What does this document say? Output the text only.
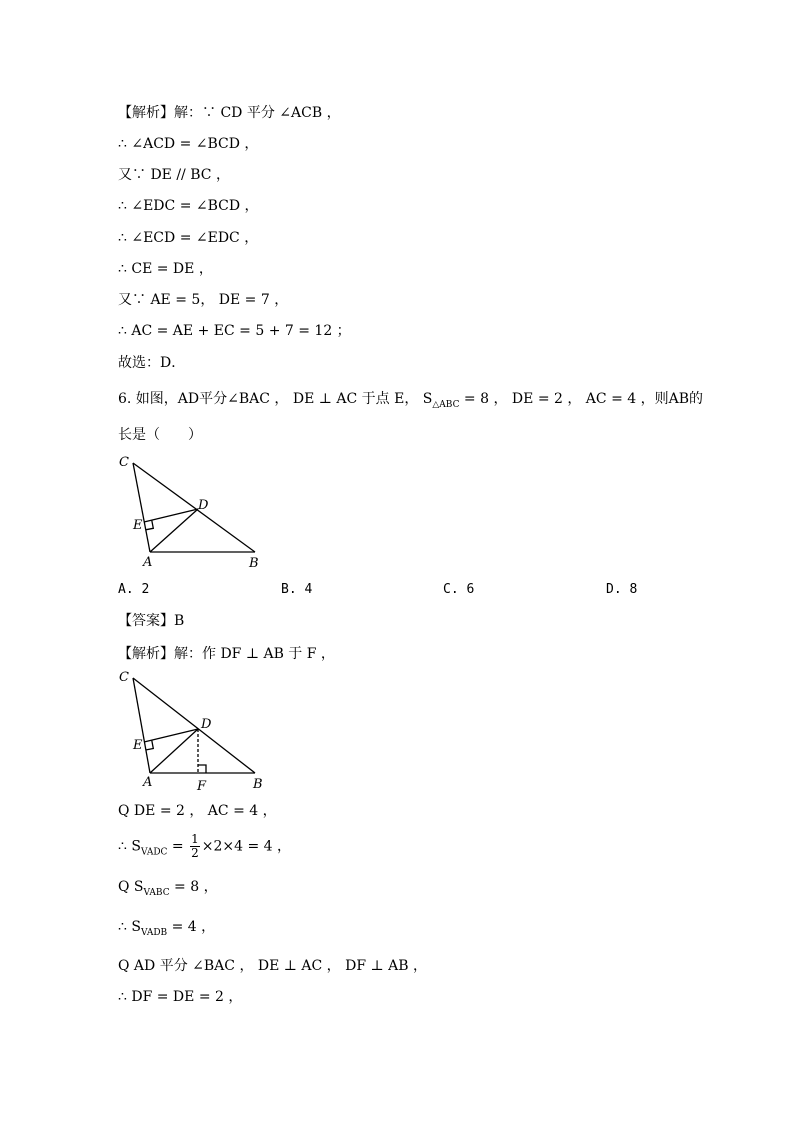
【解析】解：∵ CD 平分 ∠ACB ，
∴ ∠ACD = ∠BCD ，
又∵ DE // BC ，
∴ ∠EDC = ∠BCD ，
∴ ∠ECD = ∠EDC ，
∴ CE = DE ，
又∵ AE = 5， DE = 7 ，
∴ AC = AE + EC = 5 + 7 = 12 ；
故选：D．
6. 如图，AD平分∠BAC ， DE ⊥ AC 于点 E， $S_{\triangle ABC} = 8$ ， DE = 2 ， AC = 4 ，则AB的
长是（　　）
C
D
E
A	B
A. 2	B. 4	C. 6	D. 8
【答案】B
【解析】解：作 DF ⊥ AB 于 F ，
C
D
E
A	F	B
Q DE = 2 ， AC = 4 ，
∴ $S_{VADC} = \frac{1}{2} \times 2\times 4 = 4$ ，
Q $S_{VABC} = 8$ ，
∴ $S_{VADB} = 4$ ，
Q AD 平分 ∠BAC ， DE ⊥ AC ， DF ⊥ AB ，
∴ DF = DE = 2 ，
